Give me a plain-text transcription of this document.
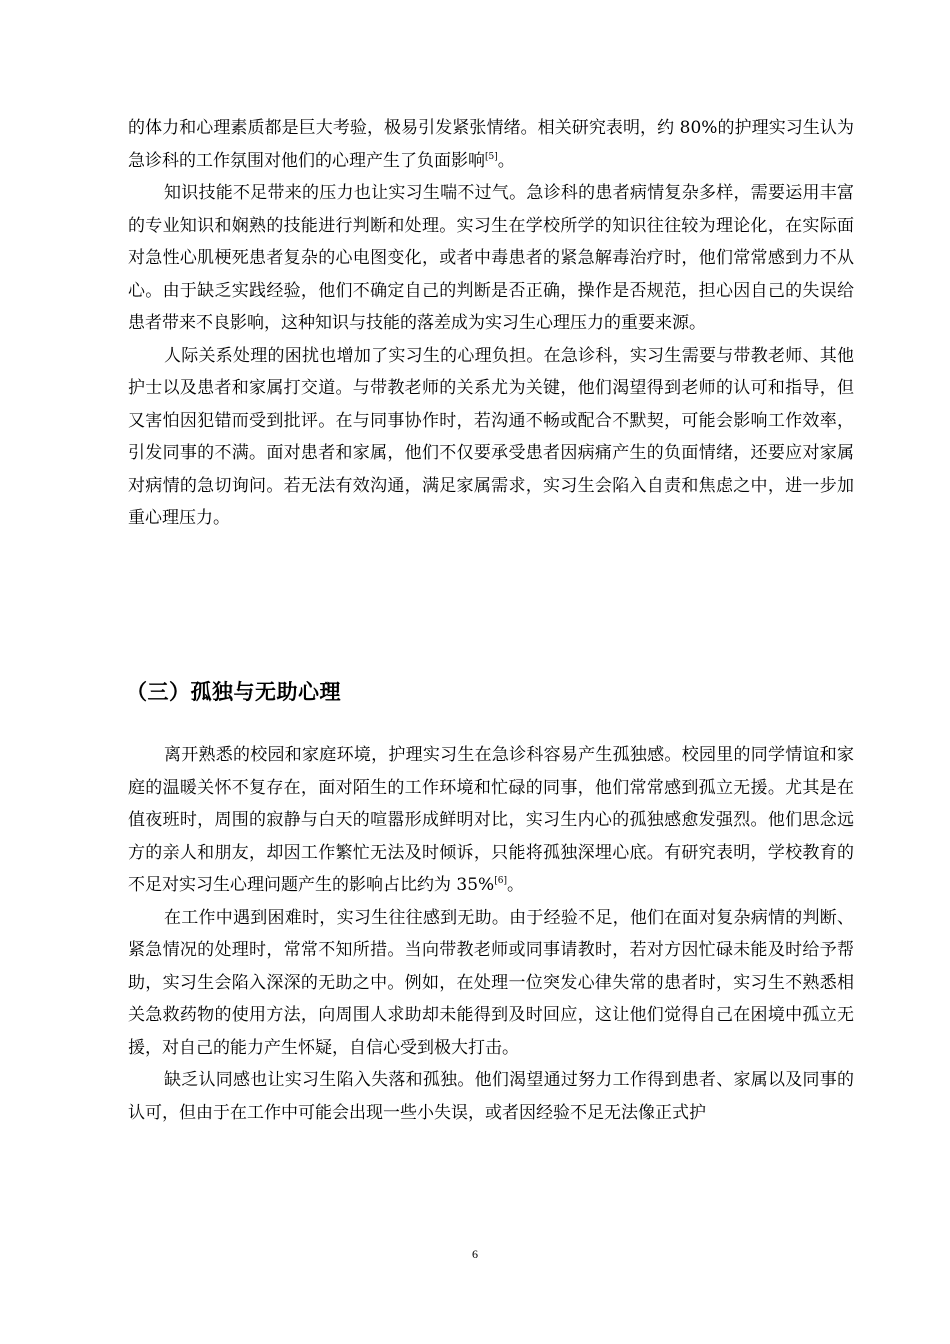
的体力和心理素质都是巨大考验，极易引发紧张情绪。相关研究表明，约 80%的护理实习生认为急诊科的工作氛围对他们的心理产生了负面影响[5]。

知识技能不足带来的压力也让实习生喘不过气。急诊科的患者病情复杂多样，需要运用丰富的专业知识和娴熟的技能进行判断和处理。实习生在学校所学的知识往往较为理论化，在实际面对急性心肌梗死患者复杂的心电图变化，或者中毒患者的紧急解毒治疗时，他们常常感到力不从心。由于缺乏实践经验，他们不确定自己的判断是否正确，操作是否规范，担心因自己的失误给患者带来不良影响，这种知识与技能的落差成为实习生心理压力的重要来源。

人际关系处理的困扰也增加了实习生的心理负担。在急诊科，实习生需要与带教老师、其他护士以及患者和家属打交道。与带教老师的关系尤为关键，他们渴望得到老师的认可和指导，但又害怕因犯错而受到批评。在与同事协作时，若沟通不畅或配合不默契，可能会影响工作效率，引发同事的不满。面对患者和家属，他们不仅要承受患者因病痛产生的负面情绪，还要应对家属对病情的急切询问。若无法有效沟通，满足家属需求，实习生会陷入自责和焦虑之中，进一步加重心理压力。

（三）孤独与无助心理

离开熟悉的校园和家庭环境，护理实习生在急诊科容易产生孤独感。校园里的同学情谊和家庭的温暖关怀不复存在，面对陌生的工作环境和忙碌的同事，他们常常感到孤立无援。尤其是在值夜班时，周围的寂静与白天的喧嚣形成鲜明对比，实习生内心的孤独感愈发强烈。他们思念远方的亲人和朋友，却因工作繁忙无法及时倾诉，只能将孤独深埋心底。有研究表明，学校教育的不足对实习生心理问题产生的影响占比约为 35%[6]。

在工作中遇到困难时，实习生往往感到无助。由于经验不足，他们在面对复杂病情的判断、紧急情况的处理时，常常不知所措。当向带教老师或同事请教时，若对方因忙碌未能及时给予帮助，实习生会陷入深深的无助之中。例如，在处理一位突发心律失常的患者时，实习生不熟悉相关急救药物的使用方法，向周围人求助却未能得到及时回应，这让他们觉得自己在困境中孤立无援，对自己的能力产生怀疑，自信心受到极大打击。

缺乏认同感也让实习生陷入失落和孤独。他们渴望通过努力工作得到患者、家属以及同事的认可，但由于在工作中可能会出现一些小失误，或者因经验不足无法像正式护

6
